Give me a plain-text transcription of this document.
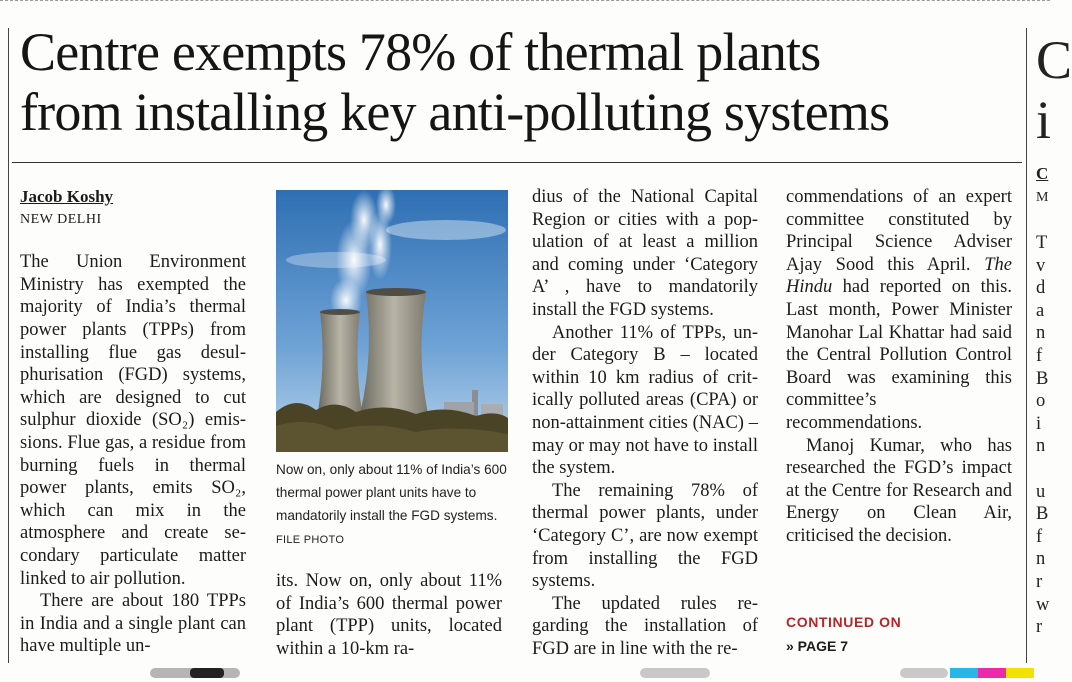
Centre exempts 78% of thermal plants
from installing key anti-polluting systems

Jacob Koshy

NEW DELHI

The Union Environment Ministry has exempted the majority of India’s thermal power plants (TPPs) from installing flue gas desulphurisation (FGD) systems, which are designed to cut sulphur dioxide (SO₂) emissions. Flue gas, a residue from burning fuels in thermal power plants, emits SO₂, which can mix in the atmosphere and create secondary particulate matter linked to air pollution.

There are about 180 TPPs in India and a single plant can have multiple un-

Now on, only about 11% of India’s 600 thermal power plant units have to mandatorily install the FGD systems. FILE PHOTO

its. Now on, only about 11% of India’s 600 thermal power plant (TPP) units, located within a 10-km ra-

dius of the National Capital Region or cities with a population of at least a million and coming under ‘Category A’ , have to mandatorily install the FGD systems.

Another 11% of TPPs, under Category B – located within 10 km radius of critically polluted areas (CPA) or non-attainment cities (NAC) – may or may not have to install the system.

The remaining 78% of thermal power plants, under ‘Category C’, are now exempt from installing the FGD systems.

The updated rules regarding the installation of FGD are in line with the re-

commendations of an expert committee constituted by Principal Science Adviser Ajay Sood this April. The Hindu had reported on this. Last month, Power Minister Manohar Lal Khattar had said the Central Pollution Control Board was examining this committee’s recommendations.

Manoj Kumar, who has researched the FGD’s impact at the Centre for Research and Energy on Clean Air, criticised the decision.

CONTINUED ON
» PAGE 7
C
i
C
M
T
v
d
a
n
f
B
o
i
n

u
B
f
n
r
w
r
